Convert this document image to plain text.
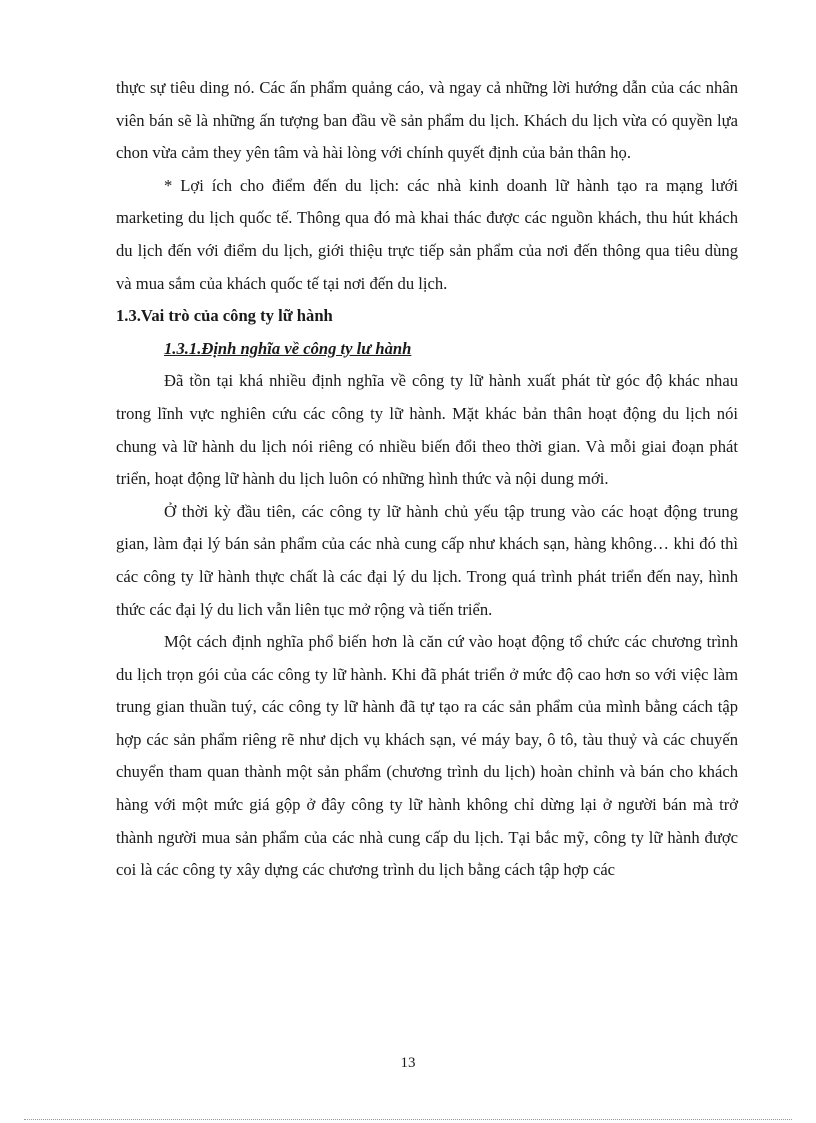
thực sự tiêu ding nó. Các ấn phẩm quảng cáo, và ngay cả những lời hướng dẫn của các nhân viên bán sẽ là những ấn tượng ban đầu về sản phẩm du lịch. Khách du lịch vừa có quyền lựa chon vừa cảm they yên tâm và hài lòng với chính quyết định của bản thân họ.

* Lợi ích cho điểm đến du lịch: các nhà kinh doanh lữ hành tạo ra mạng lưới marketing du lịch quốc tế. Thông qua đó mà khai thác được các nguồn khách, thu hút khách du lịch đến với điểm du lịch, giới thiệu trực tiếp sản phẩm của nơi đến thông qua tiêu dùng và mua sắm của khách quốc tế tại nơi đến du lịch.

1.3.Vai trò của công ty lữ hành

1.3.1.Định nghĩa về công ty lư hành

Đã tồn tại khá nhiều định nghĩa về công ty lữ hành xuất phát từ góc độ khác nhau trong lĩnh vực nghiên cứu các công ty lữ hành. Mặt khác bản thân hoạt động du lịch nói chung và lữ hành du lịch nói riêng có nhiều biến đổi theo thời gian. Và mỗi giai đoạn phát triển, hoạt động lữ hành du lịch luôn có những hình thức và nội dung mới.

Ở thời kỳ đầu tiên, các công ty lữ hành chủ yếu tập trung vào các hoạt động trung gian, làm đại lý bán sản phẩm của các nhà cung cấp như khách sạn, hàng không… khi đó thì các công ty lữ hành thực chất là các đại lý du lịch. Trong quá trình phát triển đến nay, hình thức các đại lý du lich vẫn liên tục mở rộng và tiến triển.

Một cách định nghĩa phổ biến hơn là căn cứ vào hoạt động tổ chức các chương trình du lịch trọn gói của các công ty lữ hành. Khi đã phát triển ở mức độ cao hơn so với việc làm trung gian thuần tuý, các công ty lữ hành đã tự tạo ra các sản phẩm của mình bằng cách tập hợp các sản phẩm riêng rẽ như dịch vụ khách sạn, vé máy bay, ô tô, tàu thuỷ và các chuyến chuyển tham quan thành một sản phẩm (chương trình du lịch) hoàn chỉnh và bán cho khách hàng với một mức giá gộp ở đây công ty lữ hành không chỉ dừng lại ở người bán mà trở thành người mua sản phẩm của các nhà cung cấp du lịch. Tại bắc mỹ, công ty lữ hành được coi là các công ty xây dựng các chương trình du lịch bằng cách tập hợp các

13
